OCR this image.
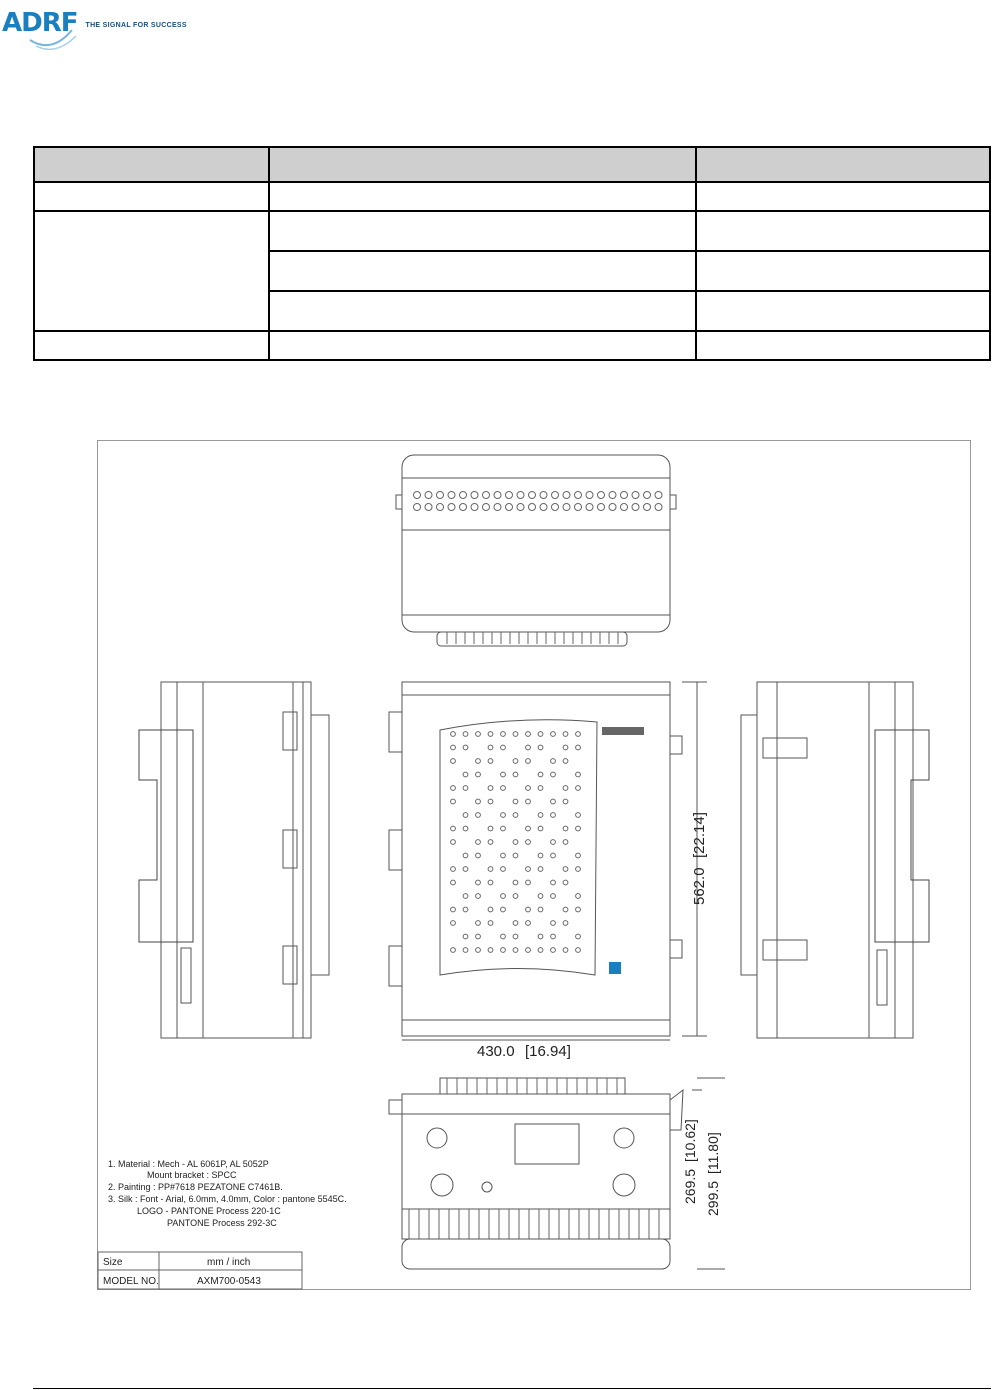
ADRF THE SIGNAL FOR SUCCESS

430.0 [16.94]
562.0
[22.14]
269.5
[10.62]
299.5
[11.80]
1. Material : Mech - AL 6061P, AL 5052P
Mount bracket : SPCC
2. Painting : PP#7618 PEZATONE C7461B.
3. Silk : Font - Arial, 6.0mm, 4.0mm, Color : pantone 5545C.
LOGO - PANTONE Process 220-1C
PANTONE Process 292-3C
Size	mm / inch
MODEL NO.	AXM700-0543
